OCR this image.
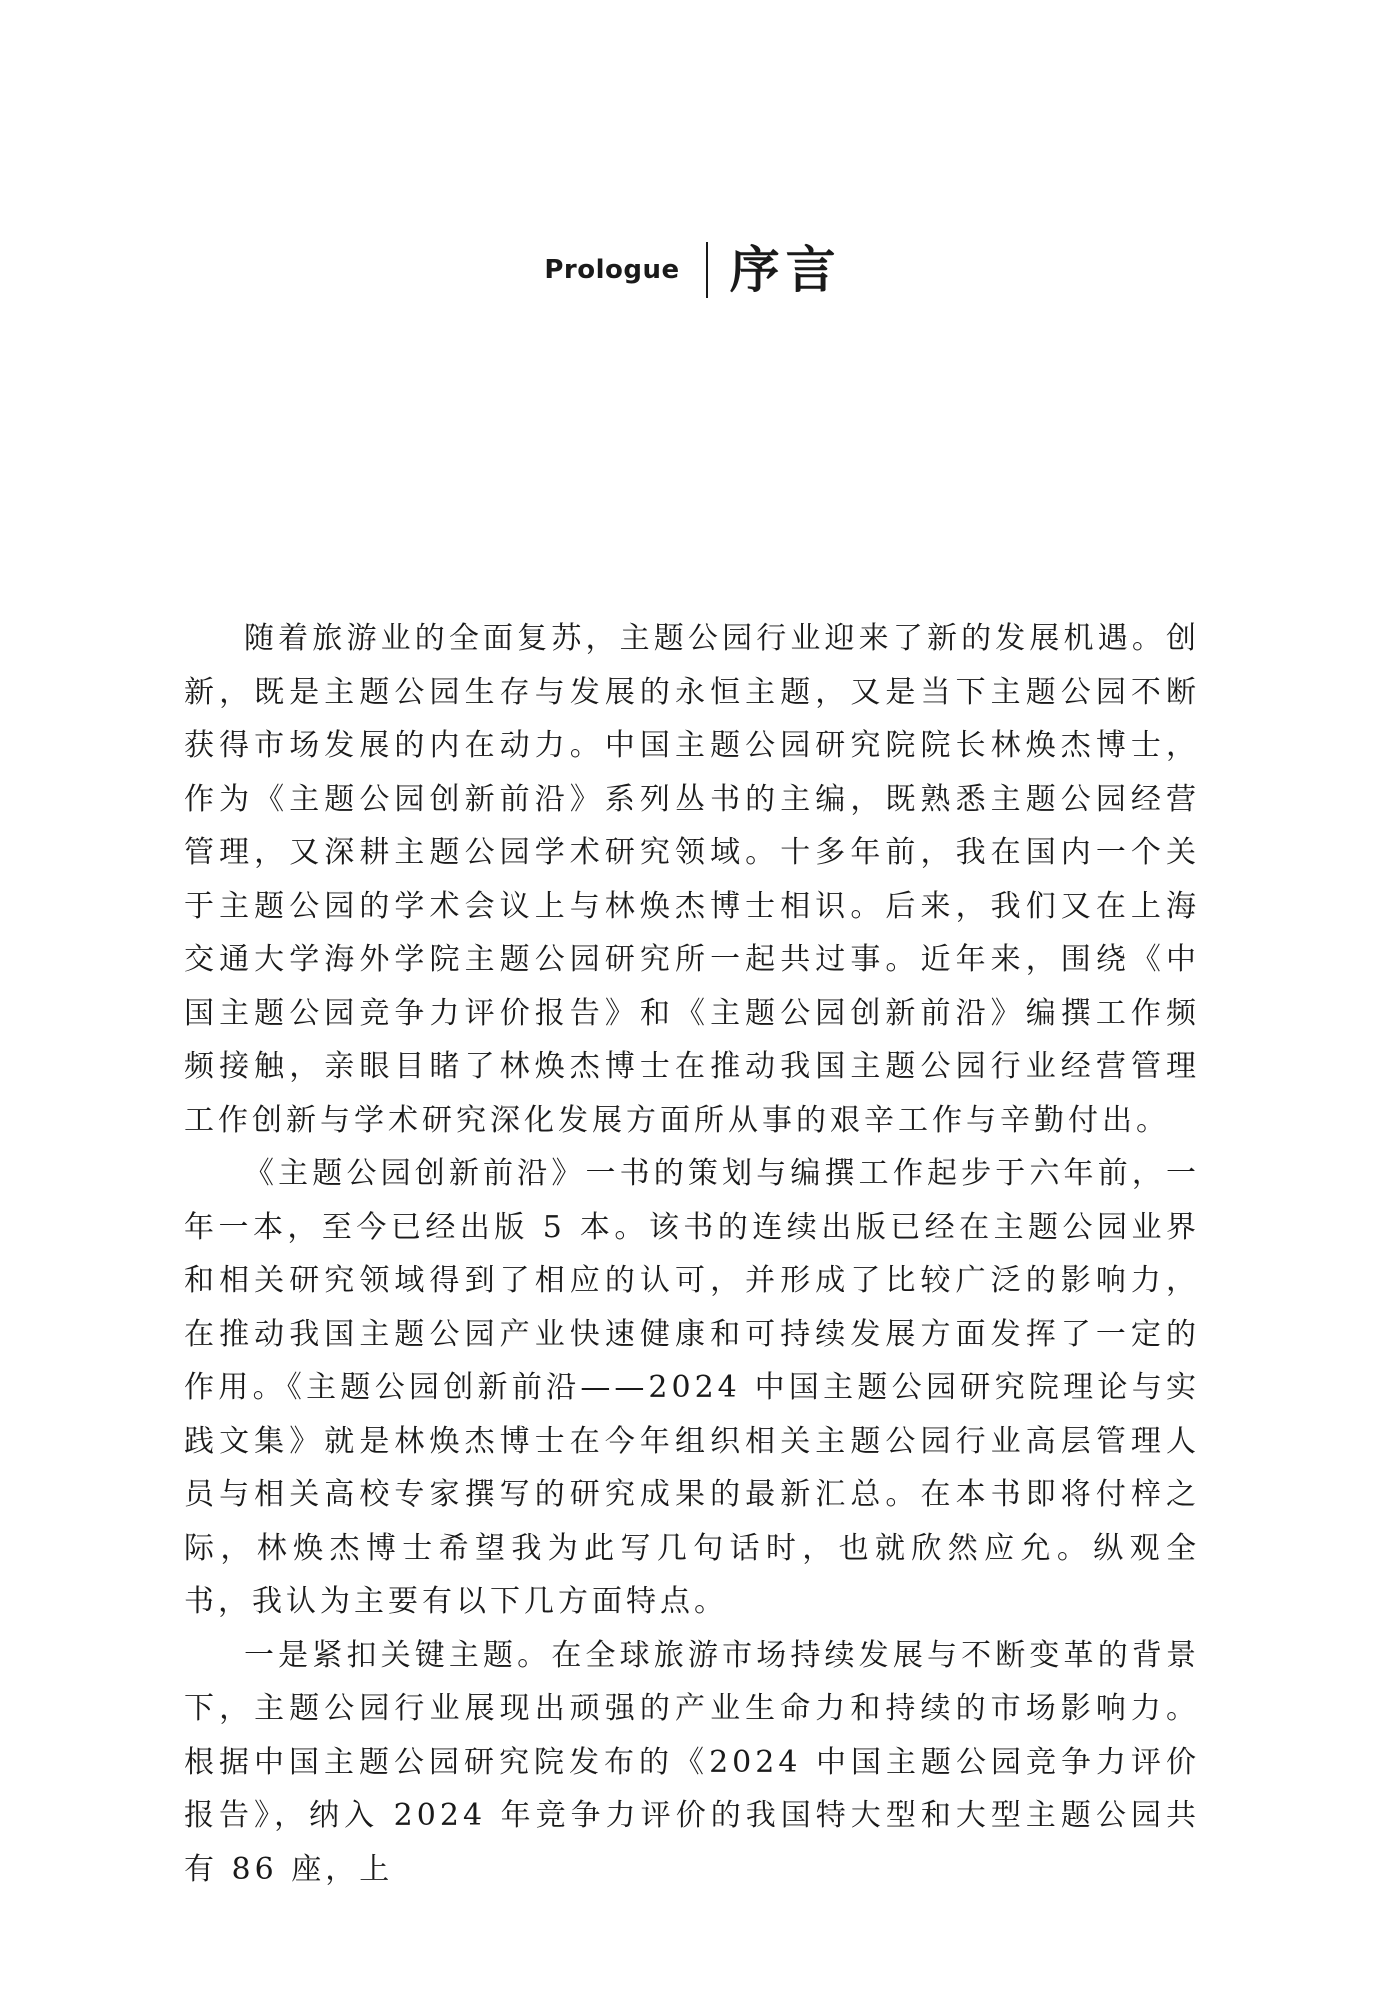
Prologue	序言

随着旅游业的全面复苏，主题公园行业迎来了新的发展机遇。创新，既是主题公园生存与发展的永恒主题，又是当下主题公园不断获得市场发展的内在动力。中国主题公园研究院院长林焕杰博士，作为《主题公园创新前沿》系列丛书的主编，既熟悉主题公园经营管理，又深耕主题公园学术研究领域。十多年前，我在国内一个关于主题公园的学术会议上与林焕杰博士相识。后来，我们又在上海交通大学海外学院主题公园研究所一起共过事。近年来，围绕《中国主题公园竞争力评价报告》和《主题公园创新前沿》编撰工作频频接触，亲眼目睹了林焕杰博士在推动我国主题公园行业经营管理工作创新与学术研究深化发展方面所从事的艰辛工作与辛勤付出。

《主题公园创新前沿》一书的策划与编撰工作起步于六年前，一年一本，至今已经出版 5 本。该书的连续出版已经在主题公园业界和相关研究领域得到了相应的认可，并形成了比较广泛的影响力，在推动我国主题公园产业快速健康和可持续发展方面发挥了一定的作用。《主题公园创新前沿——2024 中国主题公园研究院理论与实践文集》就是林焕杰博士在今年组织相关主题公园行业高层管理人员与相关高校专家撰写的研究成果的最新汇总。在本书即将付梓之际，林焕杰博士希望我为此写几句话时，也就欣然应允。纵观全书，我认为主要有以下几方面特点。

一是紧扣关键主题。在全球旅游市场持续发展与不断变革的背景下，主题公园行业展现出顽强的产业生命力和持续的市场影响力。根据中国主题公园研究院发布的《2024 中国主题公园竞争力评价报告》，纳入 2024 年竞争力评价的我国特大型和大型主题公园共有 86 座，上
